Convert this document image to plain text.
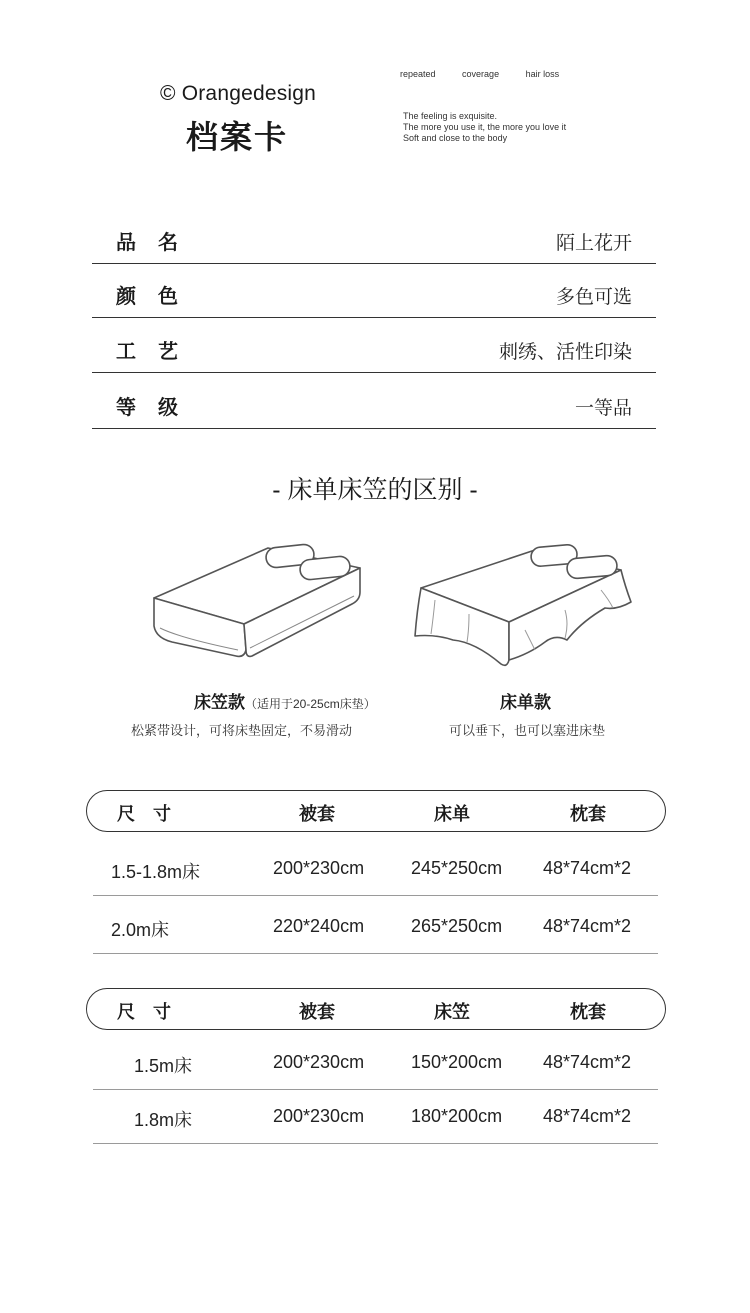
© Orangedesign
档案卡
repeated	coverage	hair loss
The feeling is exquisite.
The more you use it, the more you love it
Soft and close to the body
品名	陌上花开
颜色	多色可选
工艺	刺绣、活性印染
等级	一等品
- 床单床笠的区别 -
床笠款（适用于20-25cm床垫）
松紧带设计，可将床垫固定，不易滑动
床单款
可以垂下，也可以塞进床垫
尺　寸	被套	床单	枕套
1.5-1.8m床	200*230cm	245*250cm 48*74cm*2
2.0m床	220*240cm	265*250cm 48*74cm*2
尺　寸	被套	床笠	枕套
1.5m床	200*230cm	150*200cm 48*74cm*2
1.8m床	200*230cm	180*200cm 48*74cm*2
